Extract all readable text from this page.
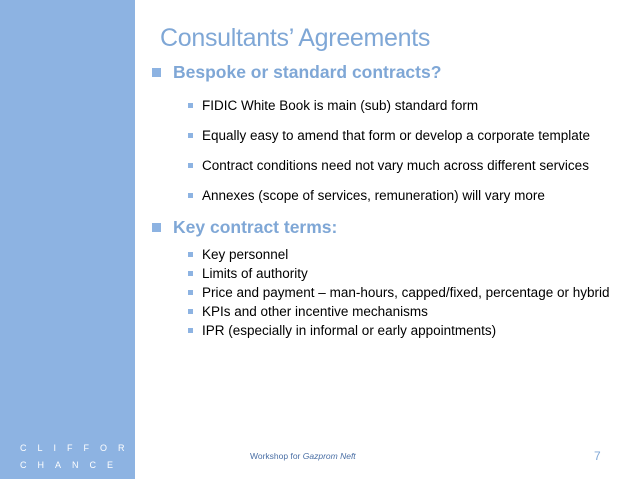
Consultants’ Agreements
Bespoke or standard contracts?
FIDIC White Book is main (sub) standard form
Equally easy to amend that form or develop a corporate template
Contract conditions need not vary much across different services
Annexes (scope of services, remuneration) will vary more
Key contract terms:
Key personnel
Limits of authority
Price and payment – man-hours, capped/fixed, percentage or hybrid
KPIs and other incentive mechanisms
IPR (especially in informal or early appointments)
CLIFFORD
CHANCE
Workshop for Gazprom Neft	7
